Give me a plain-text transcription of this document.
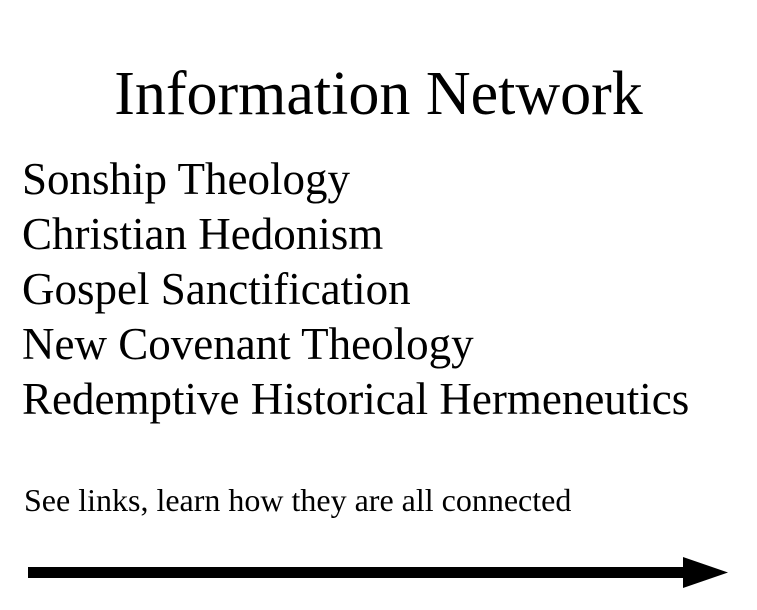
Information Network
Sonship Theology
Christian Hedonism
Gospel Sanctification
New Covenant Theology
Redemptive Historical Hermeneutics
See links, learn how they are all connected
